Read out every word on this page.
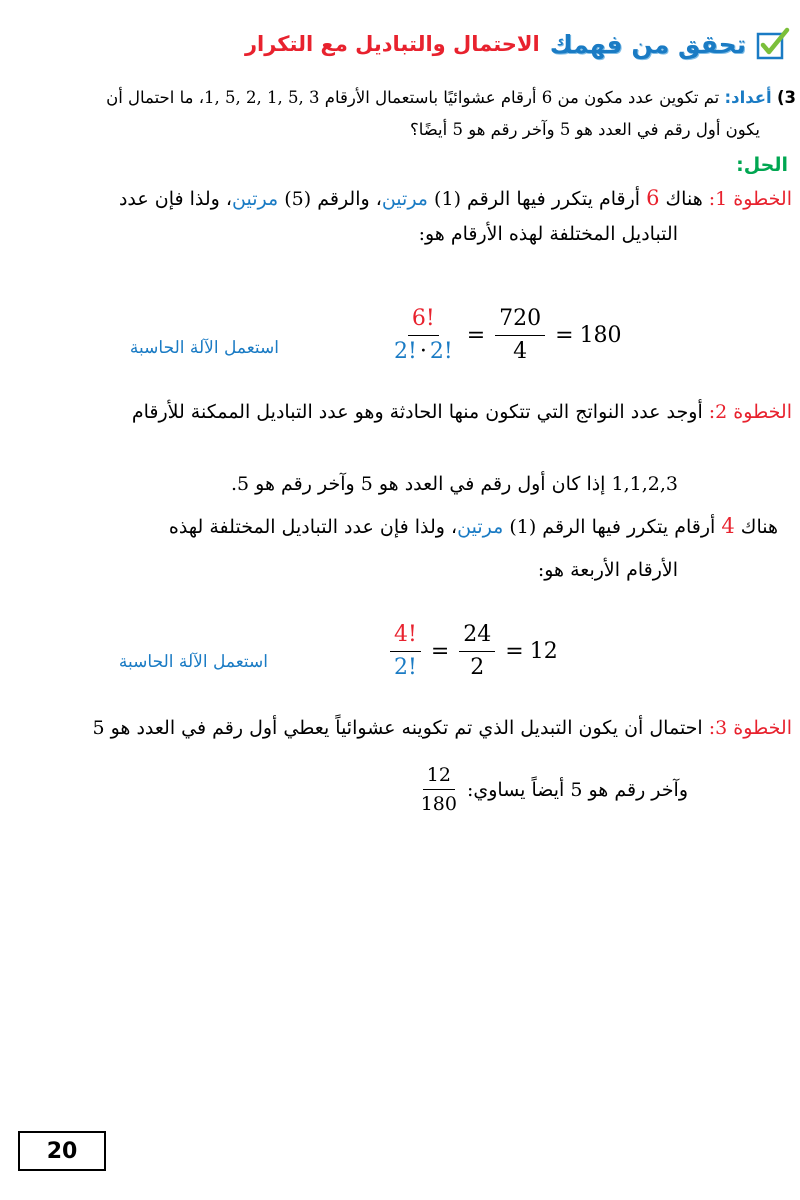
تحقق من فهمك
الاحتمال والتباديل مع التكرار
3) أعداد: تم تكوين عدد مكون من 6 أرقام عشوائيًا باستعمال الأرقام 3 ,5 ,1 ,2 ,5 ,1، ما احتمال أن
يكون أول رقم في العدد هو 5 وآخر رقم هو 5 أيضًا؟
الحل:
الخطوة 1: هناك 6 أرقام يتكرر فيها الرقم (1) مرتين، والرقم (5) مرتين، ولذا فإن عدد
التباديل المختلفة لهذه الأرقام هو:
$\frac{6!}{2! \cdot 2!} = \frac{720}{4} = 180$
استعمل الآلة الحاسبة
الخطوة 2: أوجد عدد النواتج التي تتكون منها الحادثة وهو عدد التباديل الممكنة للأرقام
1,1,2,3 إذا كان أول رقم في العدد هو 5 وآخر رقم هو 5.
هناك 4 أرقام يتكرر فيها الرقم (1) مرتين، ولذا فإن عدد التباديل المختلفة لهذه
الأرقام الأربعة هو:
$\frac{4!}{2!} = \frac{24}{2} = 12$
استعمل الآلة الحاسبة
الخطوة 3: احتمال أن يكون التبديل الذي تم تكوينه عشوائياً يعطي أول رقم في العدد هو 5
وآخر رقم هو 5 أيضاً يساوي:
$\frac{12}{180}$
20
